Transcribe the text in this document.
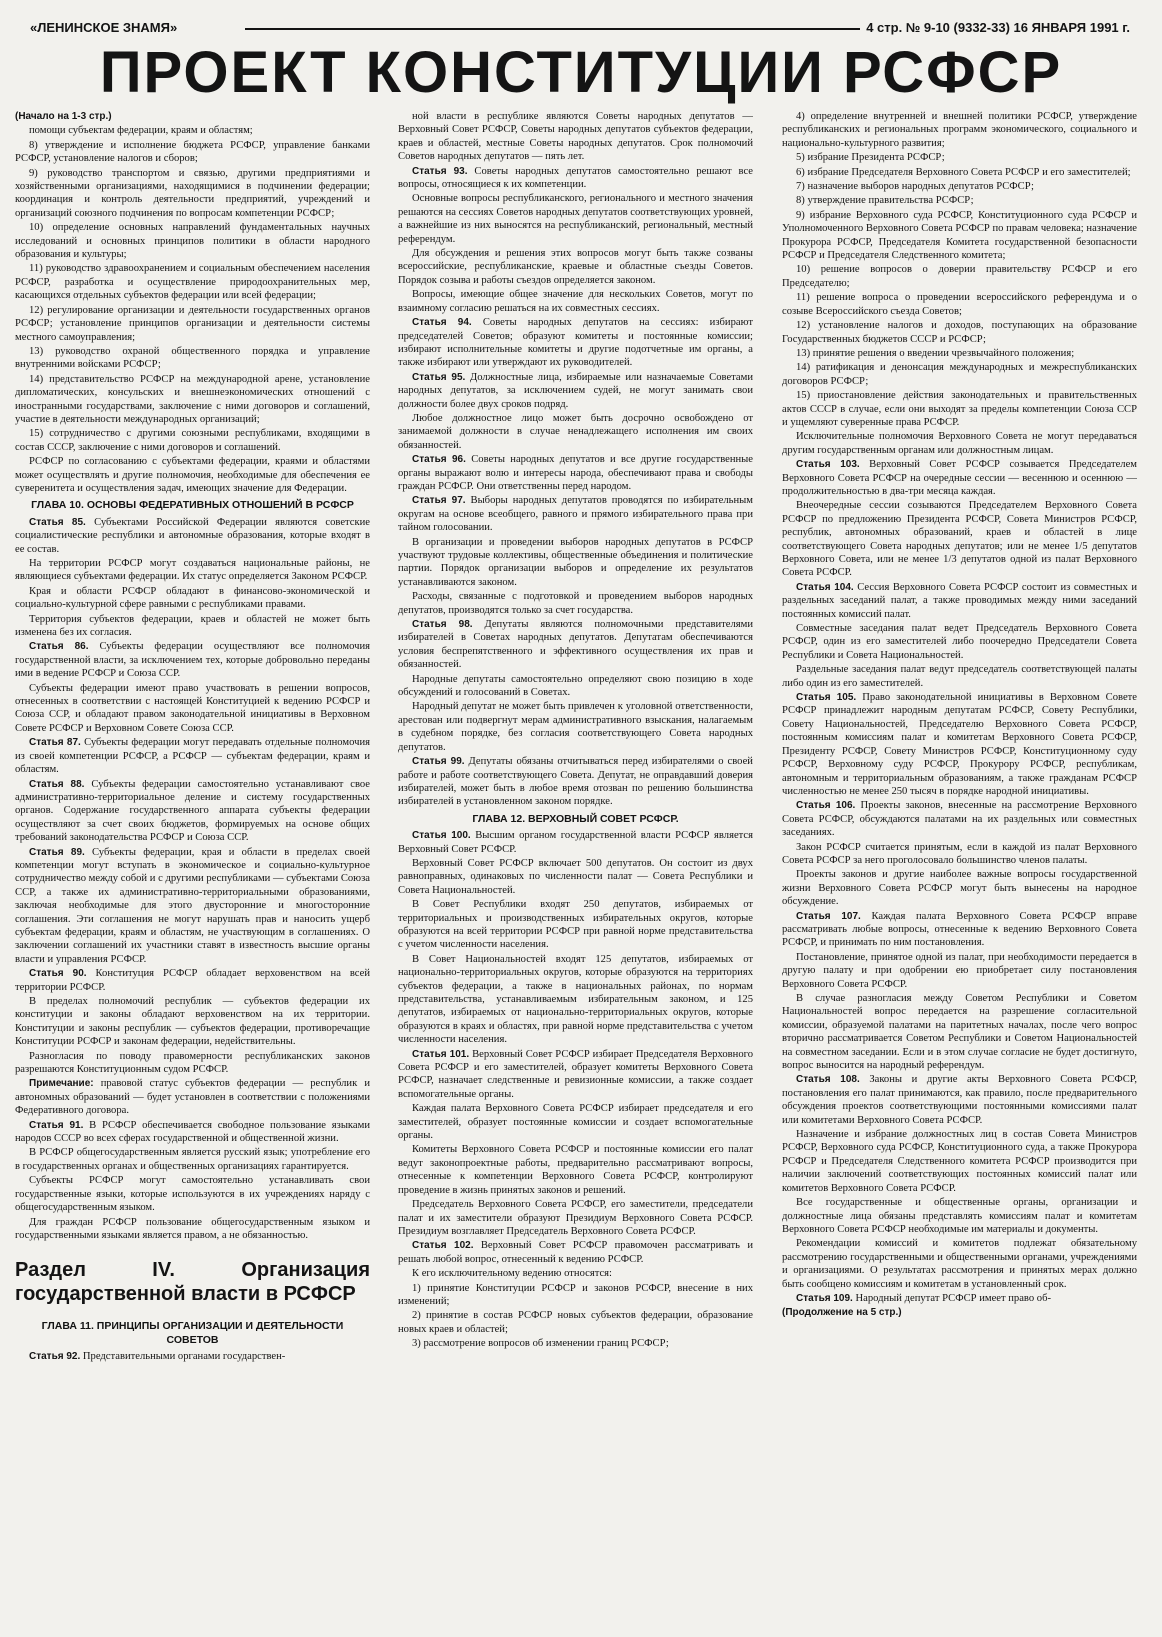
«ЛЕНИНСКОЕ ЗНАМЯ»	4 стр. № 9-10 (9332-33) 16 ЯНВАРЯ 1991 г.
ПРОЕКТ КОНСТИТУЦИИ РСФСР

(Начало на 1-3 стр.)

помощи субъектам федерации, краям и областям;

8) утверждение и исполнение бюджета РСФСР, управление банками РСФСР, установление налогов и сборов;

9) руководство транспортом и связью, другими предприятиями и хозяйственными организациями, находящимися в подчинении федерации; координация и контроль деятельности предприятий, учреждений и организаций союзного подчинения по вопросам компетенции РСФСР;

10) определение основных направлений фундаментальных научных исследований и основных принципов политики в области народного образования и культуры;

11) руководство здравоохранением и социальным обеспечением населения РСФСР, разработка и осуществление природоохранительных мер, касающихся отдельных субъектов федерации или всей федерации;

12) регулирование организации и деятельности государственных органов РСФСР; установление принципов организации и деятельности системы местного самоуправления;

13) руководство охраной общественного порядка и управление внутренними войсками РСФСР;

14) представительство РСФСР на международной арене, установление дипломатических, консульских и внешнеэкономических отношений с иностранными государствами, заключение с ними договоров и соглашений, участие в деятельности международных организаций;

15) сотрудничество с другими союзными республиками, входящими в состав СССР, заключение с ними договоров и соглашений.

РСФСР по согласованию с субъектами федерации, краями и областями может осуществлять и другие полномочия, необходимые для обеспечения ее суверенитета и осуществления задач, имеющих значение для Федерации.

ГЛАВА 10. ОСНОВЫ ФЕДЕРАТИВНЫХ ОТНОШЕНИЙ В РСФСР

Статья 85. Субъектами Российской Федерации являются советские социалистические республики и автономные образования, которые входят в ее состав.

На территории РСФСР могут создаваться национальные районы, не являющиеся субъектами федерации. Их статус определяется Законом РСФСР.

Края и области РСФСР обладают в финансово-экономической и социально-культурной сфере равными с республиками правами.

Территория субъектов федерации, краев и областей не может быть изменена без их согласия.

Статья 86. Субъекты федерации осуществляют все полномочия государственной власти, за исключением тех, которые добровольно переданы ими в ведение РСФСР и Союза ССР.

Субъекты федерации имеют право участвовать в решении вопросов, отнесенных в соответствии с настоящей Конституцией к ведению РСФСР и Союза ССР, и обладают правом законодательной инициативы в Верховном Совете РСФСР и Верховном Совете Союза ССР.

Статья 87. Субъекты федерации могут передавать отдельные полномочия из своей компетенции РСФСР, а РСФСР — субъектам федерации, краям и областям.

Статья 88. Субъекты федерации самостоятельно устанавливают свое административно-территориальное деление и систему государственных органов. Содержание государственного аппарата субъекты федерации осуществляют за счет своих бюджетов, формируемых на основе общих требований законодательства РСФСР и Союза ССР.

Статья 89. Субъекты федерации, края и области в пределах своей компетенции могут вступать в экономическое и социально-культурное сотрудничество между собой и с другими республиками — субъектами Союза ССР, а также их административно-территориальными образованиями, заключая необходимые для этого двусторонние и многосторонние соглашения. Эти соглашения не могут нарушать прав и наносить ущерб субъектам федерации, краям и областям, не участвующим в соглашениях. О заключении соглашений их участники ставят в известность высшие органы власти и управления РСФСР.

Статья 90. Конституция РСФСР обладает верховенством на всей территории РСФСР.

В пределах полномочий республик — субъектов федерации их конституции и законы обладают верховенством на их территории. Конституции и законы республик — субъектов федерации, противоречащие Конституции РСФСР и законам федерации, недействительны.

Разногласия по поводу правомерности республиканских законов разрешаются Конституционным судом РСФСР.

Примечание: правовой статус субъектов федерации — республик и автономных образований — будет установлен в соответствии с положениями Федеративного договора.

Статья 91. В РСФСР обеспечивается свободное пользование языками народов СССР во всех сферах государственной и общественной жизни.

В РСФСР общегосударственным является русский язык; употребление его в государственных органах и общественных организациях гарантируется.

Субъекты РСФСР могут самостоятельно устанавливать свои государственные языки, которые используются в их учреждениях наряду с общегосударственным языком.

Для граждан РСФСР пользование общегосударственным языком и государственными языками является правом, а не обязанностью.

Раздел IV. Организация государственной власти в РСФСР
ГЛАВА 11. ПРИНЦИПЫ ОРГАНИЗАЦИИ И ДЕЯТЕЛЬНОСТИ СОВЕТОВ

Статья 92. Представительными органами государствен-

ной власти в республике являются Советы народных депутатов — Верховный Совет РСФСР, Советы народных депутатов субъектов федерации, краев и областей, местные Советы народных депутатов. Срок полномочий Советов народных депутатов — пять лет.

Статья 93. Советы народных депутатов самостоятельно решают все вопросы, относящиеся к их компетенции.

Основные вопросы республиканского, регионального и местного значения решаются на сессиях Советов народных депутатов соответствующих уровней, а важнейшие из них выносятся на республиканский, региональный, местный референдум.

Для обсуждения и решения этих вопросов могут быть также созваны всероссийские, республиканские, краевые и областные съезды Советов. Порядок созыва и работы съездов определяется законом.

Вопросы, имеющие общее значение для нескольких Советов, могут по взаимному согласию решаться на их совместных сессиях.

Статья 94. Советы народных депутатов на сессиях: избирают председателей Советов; образуют комитеты и постоянные комиссии; избирают исполнительные комитеты и другие подотчетные им органы, а также избирают или утверждают их руководителей.

Статья 95. Должностные лица, избираемые или назначаемые Советами народных депутатов, за исключением судей, не могут занимать свои должности более двух сроков подряд.

Любое должностное лицо может быть досрочно освобождено от занимаемой должности в случае ненадлежащего исполнения им своих обязанностей.

Статья 96. Советы народных депутатов и все другие государственные органы выражают волю и интересы народа, обеспечивают права и свободы граждан РСФСР. Они ответственны перед народом.

Статья 97. Выборы народных депутатов проводятся по избирательным округам на основе всеобщего, равного и прямого избирательного права при тайном голосовании.

В организации и проведении выборов народных депутатов в РСФСР участвуют трудовые коллективы, общественные объединения и политические партии. Порядок организации выборов и определение их результатов устанавливаются законом.

Расходы, связанные с подготовкой и проведением выборов народных депутатов, производятся только за счет государства.

Статья 98. Депутаты являются полномочными представителями избирателей в Советах народных депутатов. Депутатам обеспечиваются условия беспрепятственного и эффективного осуществления их прав и обязанностей.

Народные депутаты самостоятельно определяют свою позицию в ходе обсуждений и голосований в Советах.

Народный депутат не может быть привлечен к уголовной ответственности, арестован или подвергнут мерам административного взыскания, налагаемым в судебном порядке, без согласия соответствующего Совета народных депутатов.

Статья 99. Депутаты обязаны отчитываться перед избирателями о своей работе и работе соответствующего Совета. Депутат, не оправдавший доверия избирателей, может быть в любое время отозван по решению большинства избирателей в установленном законом порядке.

ГЛАВА 12. ВЕРХОВНЫЙ СОВЕТ РСФСР.

Статья 100. Высшим органом государственной власти РСФСР является Верховный Совет РСФСР.

Верховный Совет РСФСР включает 500 депутатов. Он состоит из двух равноправных, одинаковых по численности палат — Совета Республики и Совета Национальностей.

В Совет Республики входят 250 депутатов, избираемых от территориальных и производственных избирательных округов, которые образуются на всей территории РСФСР при равной норме представительства с учетом численности населения.

В Совет Национальностей входят 125 депутатов, избираемых от национально-территориальных округов, которые образуются на территориях субъектов федерации, а также в национальных районах, по нормам представительства, устанавливаемым избирательным законом, и 125 депутатов, избираемых от национально-территориальных округов, которые образуются в краях и областях, при равной норме представительства с учетом численности населения.

Статья 101. Верховный Совет РСФСР избирает Председателя Верховного Совета РСФСР и его заместителей, образует комитеты Верховного Совета РСФСР, назначает следственные и ревизионные комиссии, а также создает вспомогательные органы.

Каждая палата Верховного Совета РСФСР избирает председателя и его заместителей, образует постоянные комиссии и создает вспомогательные органы.

Комитеты Верховного Совета РСФСР и постоянные комиссии его палат ведут законопроектные работы, предварительно рассматривают вопросы, отнесенные к компетенции Верховного Совета РСФСР, контролируют проведение в жизнь принятых законов и решений.

Председатель Верховного Совета РСФСР, его заместители, председатели палат и их заместители образуют Президиум Верховного Совета РСФСР. Президиум возглавляет Председатель Верховного Совета РСФСР.

Статья 102. Верховный Совет РСФСР правомочен рассматривать и решать любой вопрос, отнесенный к ведению РСФСР.

К его исключительному ведению относятся:

1) принятие Конституции РСФСР и законов РСФСР, внесение в них изменений;

2) принятие в состав РСФСР новых субъектов федерации, образование новых краев и областей;

3) рассмотрение вопросов об изменении границ РСФСР;

4) определение внутренней и внешней политики РСФСР, утверждение республиканских и региональных программ экономического, социального и национально-культурного развития;

5) избрание Президента РСФСР;

6) избрание Председателя Верховного Совета РСФСР и его заместителей;

7) назначение выборов народных депутатов РСФСР;

8) утверждение правительства РСФСР;

9) избрание Верховного суда РСФСР, Конституционного суда РСФСР и Уполномоченного Верховного Совета РСФСР по правам человека; назначение Прокурора РСФСР, Председателя Комитета государственной безопасности РСФСР и Председателя Следственного комитета;

10) решение вопросов о доверии правительству РСФСР и его Председателю;

11) решение вопроса о проведении всероссийского референдума и о созыве Всероссийского съезда Советов;

12) установление налогов и доходов, поступающих на образование Государственных бюджетов СССР и РСФСР;

13) принятие решения о введении чрезвычайного положения;

14) ратификация и денонсация международных и межреспубликанских договоров РСФСР;

15) приостановление действия законодательных и правительственных актов СССР в случае, если они выходят за пределы компетенции Союза ССР и ущемляют суверенные права РСФСР.

Исключительные полномочия Верховного Совета не могут передаваться другим государственным органам или должностным лицам.

Статья 103. Верховный Совет РСФСР созывается Председателем Верховного Совета РСФСР на очередные сессии — весеннюю и осеннюю — продолжительностью в два-три месяца каждая.

Внеочередные сессии созываются Председателем Верховного Совета РСФСР по предложению Президента РСФСР, Совета Министров РСФСР, республик, автономных образований, краев и областей в лице соответствующего Совета народных депутатов; или не менее 1/5 депутатов Верховного Совета, или не менее 1/3 депутатов одной из палат Верховного Совета РСФСР.

Статья 104. Сессия Верховного Совета РСФСР состоит из совместных и раздельных заседаний палат, а также проводимых между ними заседаний постоянных комиссий палат.

Совместные заседания палат ведет Председатель Верховного Совета РСФСР, один из его заместителей либо поочередно Председатели Совета Республики и Совета Национальностей.

Раздельные заседания палат ведут председатель соответствующей палаты либо один из его заместителей.

Статья 105. Право законодательной инициативы в Верховном Совете РСФСР принадлежит народным депутатам РСФСР, Совету Республики, Совету Национальностей, Председателю Верховного Совета РСФСР, постоянным комиссиям палат и комитетам Верховного Совета РСФСР, Президенту РСФСР, Совету Министров РСФСР, Конституционному суду РСФСР, Верховному суду РСФСР, Прокурору РСФСР, республикам, автономным и территориальным образованиям, а также гражданам РСФСР численностью не менее 250 тысяч в порядке народной инициативы.

Статья 106. Проекты законов, внесенные на рассмотрение Верховного Совета РСФСР, обсуждаются палатами на их раздельных или совместных заседаниях.

Закон РСФСР считается принятым, если в каждой из палат Верховного Совета РСФСР за него проголосовало большинство членов палаты.

Проекты законов и другие наиболее важные вопросы государственной жизни Верховного Совета РСФСР могут быть вынесены на народное обсуждение.

Статья 107. Каждая палата Верховного Совета РСФСР вправе рассматривать любые вопросы, отнесенные к ведению Верховного Совета РСФСР, и принимать по ним постановления.

Постановление, принятое одной из палат, при необходимости передается в другую палату и при одобрении ею приобретает силу постановления Верховного Совета РСФСР.

В случае разногласия между Советом Республики и Советом Национальностей вопрос передается на разрешение согласительной комиссии, образуемой палатами на паритетных началах, после чего вопрос вторично рассматривается Советом Республики и Советом Национальностей на совместном заседании. Если и в этом случае согласие не будет достигнуто, вопрос выносится на народный референдум.

Статья 108. Законы и другие акты Верховного Совета РСФСР, постановления его палат принимаются, как правило, после предварительного обсуждения проектов соответствующими постоянными комиссиями палат или комитетами Верховного Совета РСФСР.

Назначение и избрание должностных лиц в состав Совета Министров РСФСР, Верховного суда РСФСР, Конституционного суда, а также Прокурора РСФСР и Председателя Следственного комитета РСФСР производится при наличии заключений соответствующих постоянных комиссий палат или комитетов Верховного Совета РСФСР.

Все государственные и общественные органы, организации и должностные лица обязаны представлять комиссиям палат и комитетам Верховного Совета РСФСР необходимые им материалы и документы.

Рекомендации комиссий и комитетов подлежат обязательному рассмотрению государственными и общественными органами, учреждениями и организациями. О результатах рассмотрения и принятых мерах должно быть сообщено комиссиям и комитетам в установленный срок.

Статья 109. Народный депутат РСФСР имеет право об-

(Продолжение на 5 стр.)
